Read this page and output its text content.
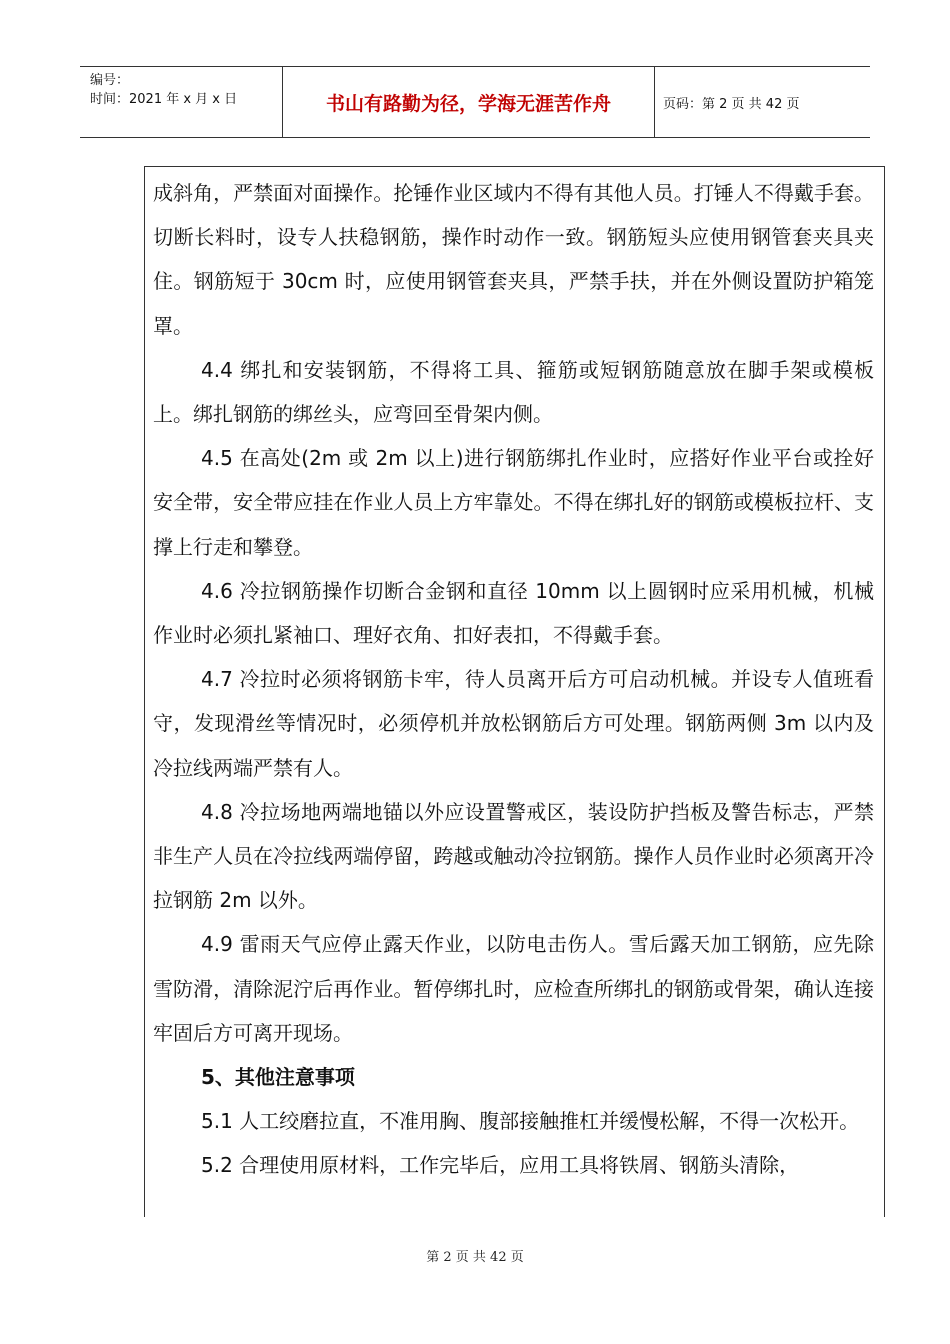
编号：
时间：2021 年 x 月 x 日	书山有路勤为径，学海无涯苦作舟	页码：第 2 页 共 42 页

成斜角，严禁面对面操作。抡锤作业区域内不得有其他人员。打锤人不得戴手套。切断长料时，设专人扶稳钢筋，操作时动作一致。钢筋短头应使用钢管套夹具夹住。钢筋短于 30cm 时，应使用钢管套夹具，严禁手扶，并在外侧设置防护箱笼罩。

4.4 绑扎和安装钢筋，不得将工具、箍筋或短钢筋随意放在脚手架或模板上。绑扎钢筋的绑丝头，应弯回至骨架内侧。

4.5 在高处(2m 或 2m 以上)进行钢筋绑扎作业时，应搭好作业平台或拴好安全带，安全带应挂在作业人员上方牢靠处。不得在绑扎好的钢筋或模板拉杆、支撑上行走和攀登。

4.6 冷拉钢筋操作切断合金钢和直径 10mm 以上圆钢时应采用机械，机械作业时必须扎紧袖口、理好衣角、扣好表扣，不得戴手套。

4.7 冷拉时必须将钢筋卡牢，待人员离开后方可启动机械。并设专人值班看守，发现滑丝等情况时，必须停机并放松钢筋后方可处理。钢筋两侧 3m 以内及冷拉线两端严禁有人。

4.8 冷拉场地两端地锚以外应设置警戒区，装设防护挡板及警告标志，严禁非生产人员在冷拉线两端停留，跨越或触动冷拉钢筋。操作人员作业时必须离开冷拉钢筋 2m 以外。

4.9 雷雨天气应停止露天作业，以防电击伤人。雪后露天加工钢筋，应先除雪防滑，清除泥泞后再作业。暂停绑扎时，应检查所绑扎的钢筋或骨架，确认连接牢固后方可离开现场。

5、其他注意事项

5.1 人工绞磨拉直，不准用胸、腹部接触推杠并缓慢松解，不得一次松开。

5.2 合理使用原材料，工作完毕后，应用工具将铁屑、钢筋头清除，

第 2 页 共 42 页
